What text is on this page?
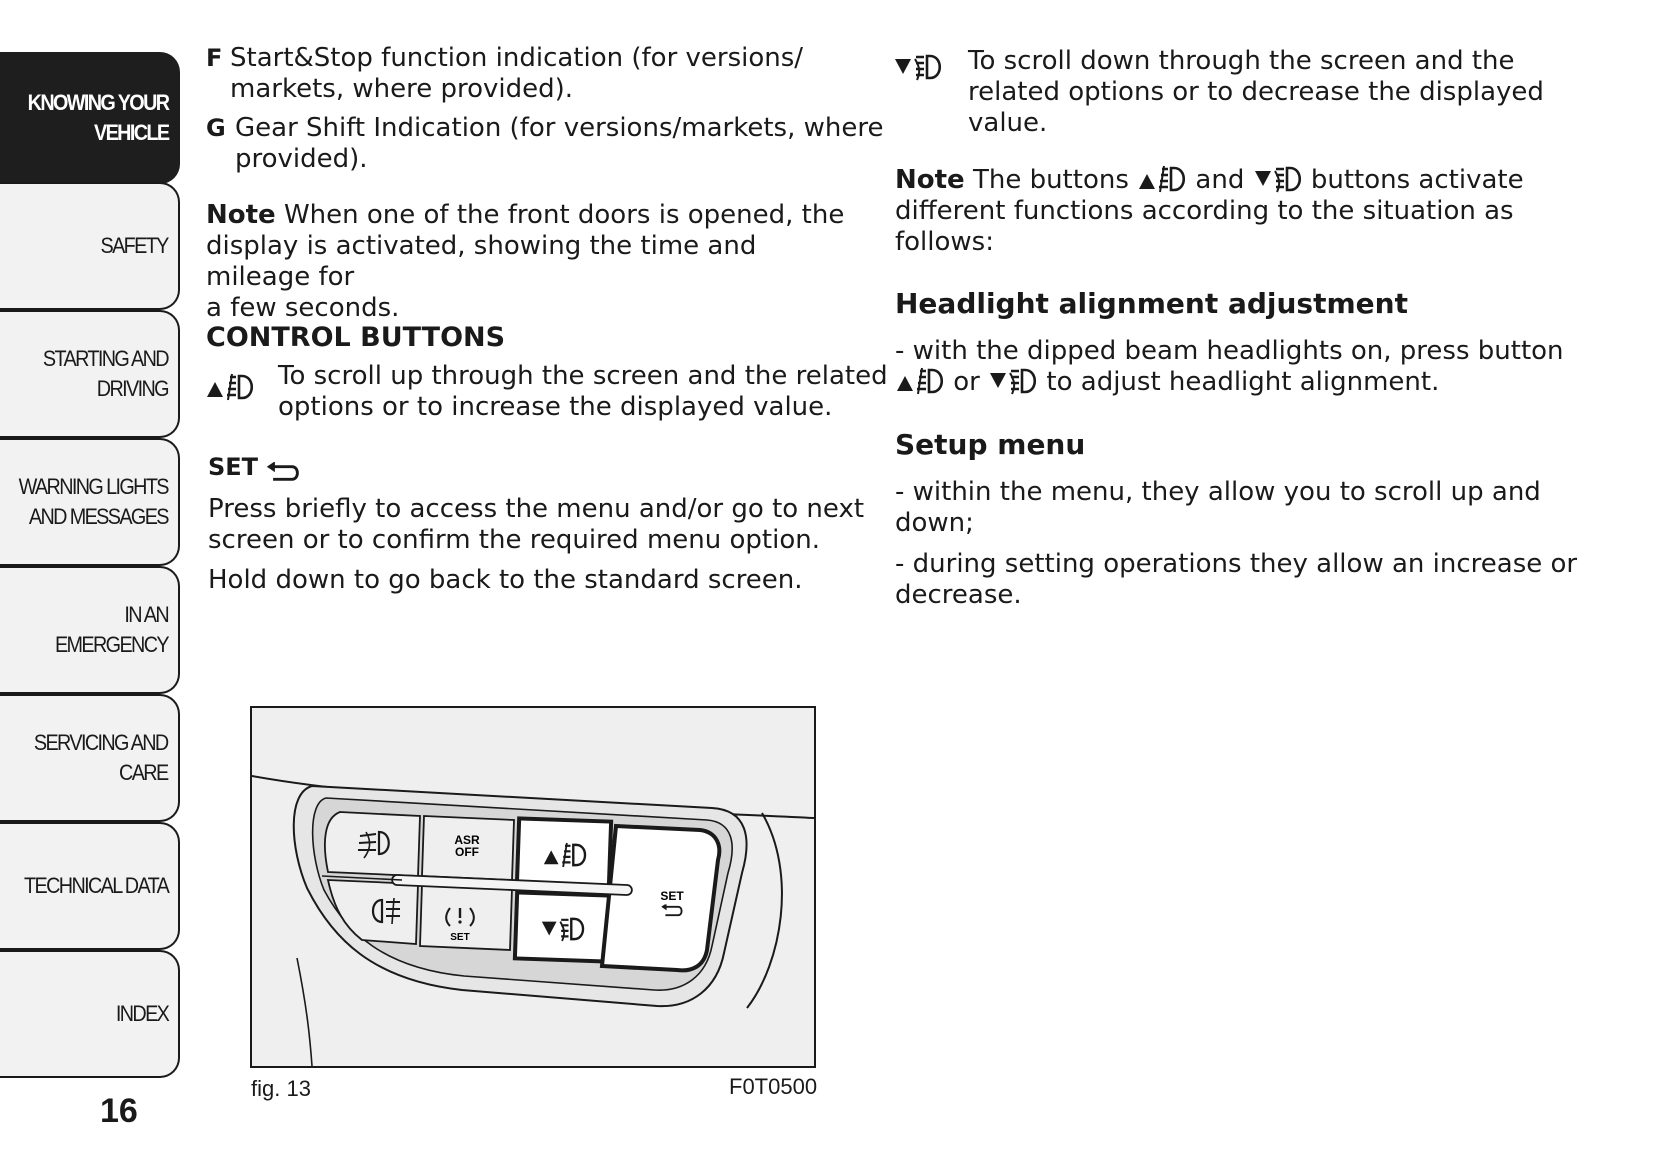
KNOWING YOUR
VEHICLE
SAFETY
STARTING AND
DRIVING
WARNING LIGHTS
AND MESSAGES
IN AN EMERGENCY
SERVICING AND
CARE
TECHNICAL DATA
INDEX
16
F Start&Stop function indication (for versions/
markets, where provided).
G Gear Shift Indication (for versions/markets, where
provided).
Note When one of the front doors is opened, the
display is activated, showing the time and mileage for
a few seconds.
CONTROL BUTTONS
To scroll up through the screen and the related
options or to increase the displayed value.
SET
Press briefly to access the menu and/or go to next
screen or to confirm the required menu option.
Hold down to go back to the standard screen.
ASR OFF
SET
SET
fig. 13	F0T0500
To scroll down through the screen and the
related options or to decrease the displayed
value.
Note The buttons  and  buttons activate
different functions according to the situation as
follows:
Headlight alignment adjustment
- with the dipped beam headlights on, press button
or  to adjust headlight alignment.
Setup menu
- within the menu, they allow you to scroll up and
down;
- during setting operations they allow an increase or
decrease.
